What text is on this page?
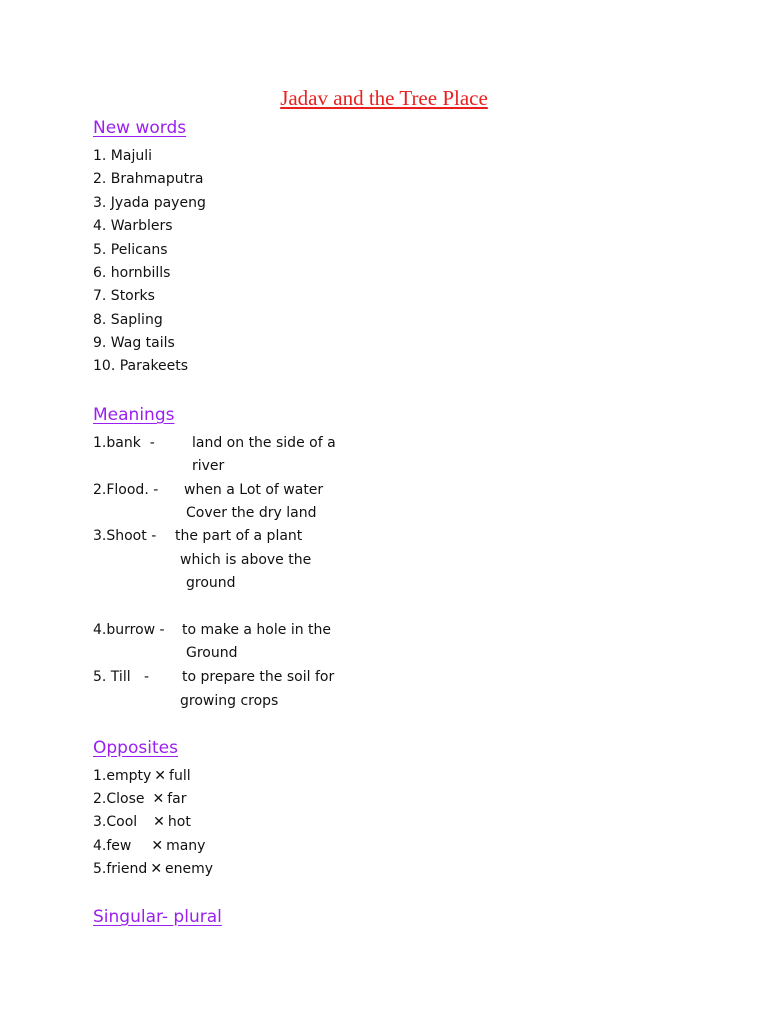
Jadav and the Tree Place
New words
1. Majuli
2. Brahmaputra
3. Jyada payeng
4. Warblers
5. Pelicans
6. hornbills
7. Storks
8. Sapling
9. Wag tails
10. Parakeets
Meanings
1.bank  -	land on the side of a
river
2.Flood. - when a Lot of water
Cover the dry land
3.Shoot - the part of a plant
which is above the
ground
4.burrow - to make a hole in the
Ground
5. Till   - to prepare the soil for
growing crops
Opposites
1.empty ✕ full
2.Close ✕ far
3.Cool ✕ hot
4.few ✕ many
5.friend ✕ enemy
Singular- plural
